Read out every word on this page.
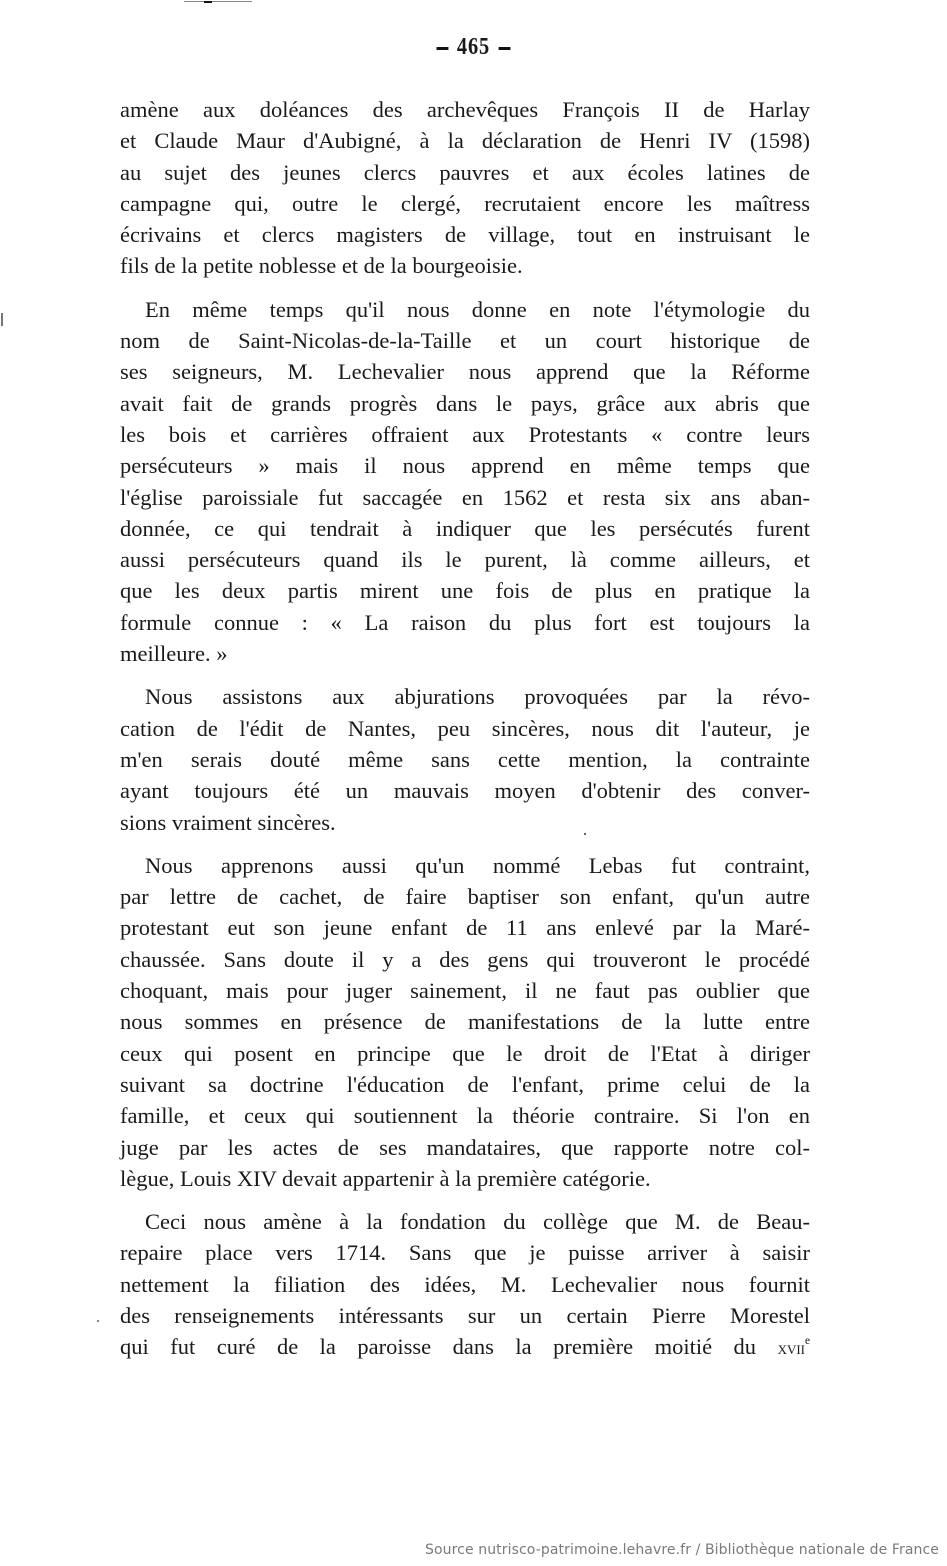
465
amène aux doléances des archevêques François II de Harlay
et Claude Maur d'Aubigné, à la déclaration de Henri IV (1598)
au sujet des jeunes clercs pauvres et aux écoles latines de
campagne qui, outre le clergé, recrutaient encore les maîtress
écrivains et clercs magisters de village, tout en instruisant le
fils de la petite noblesse et de la bourgeoisie.
En même temps qu'il nous donne en note l'étymologie du
nom de Saint-Nicolas-de-la-Taille et un court historique de
ses seigneurs, M. Lechevalier nous apprend que la Réforme
avait fait de grands progrès dans le pays, grâce aux abris que
les bois et carrières offraient aux Protestants « contre leurs
persécuteurs » mais il nous apprend en même temps que
l'église paroissiale fut saccagée en 1562 et resta six ans aban-
donnée, ce qui tendrait à indiquer que les persécutés furent
aussi persécuteurs quand ils le purent, là comme ailleurs, et
que les deux partis mirent une fois de plus en pratique la
formule connue : « La raison du plus fort est toujours la
meilleure. »
Nous assistons aux abjurations provoquées par la révo-
cation de l'édit de Nantes, peu sincères, nous dit l'auteur, je
m'en serais douté même sans cette mention, la contrainte
ayant toujours été un mauvais moyen d'obtenir des conver-
sions vraiment sincères.
Nous apprenons aussi qu'un nommé Lebas fut contraint,
par lettre de cachet, de faire baptiser son enfant, qu'un autre
protestant eut son jeune enfant de 11 ans enlevé par la Maré-
chaussée. Sans doute il y a des gens qui trouveront le procédé
choquant, mais pour juger sainement, il ne faut pas oublier que
nous sommes en présence de manifestations de la lutte entre
ceux qui posent en principe que le droit de l'Etat à diriger
suivant sa doctrine l'éducation de l'enfant, prime celui de la
famille, et ceux qui soutiennent la théorie contraire. Si l'on en
juge par les actes de ses mandataires, que rapporte notre col-
lègue, Louis XIV devait appartenir à la première catégorie.
Ceci nous amène à la fondation du collège que M. de Beau-
repaire place vers 1714. Sans que je puisse arriver à saisir
nettement la filiation des idées, M. Lechevalier nous fournit
des renseignements intéressants sur un certain Pierre Morestel
qui fut curé de la paroisse dans la première moitié du xvii$^e$
Source nutrisco-patrimoine.lehavre.fr / Bibliothèque nationale de France
